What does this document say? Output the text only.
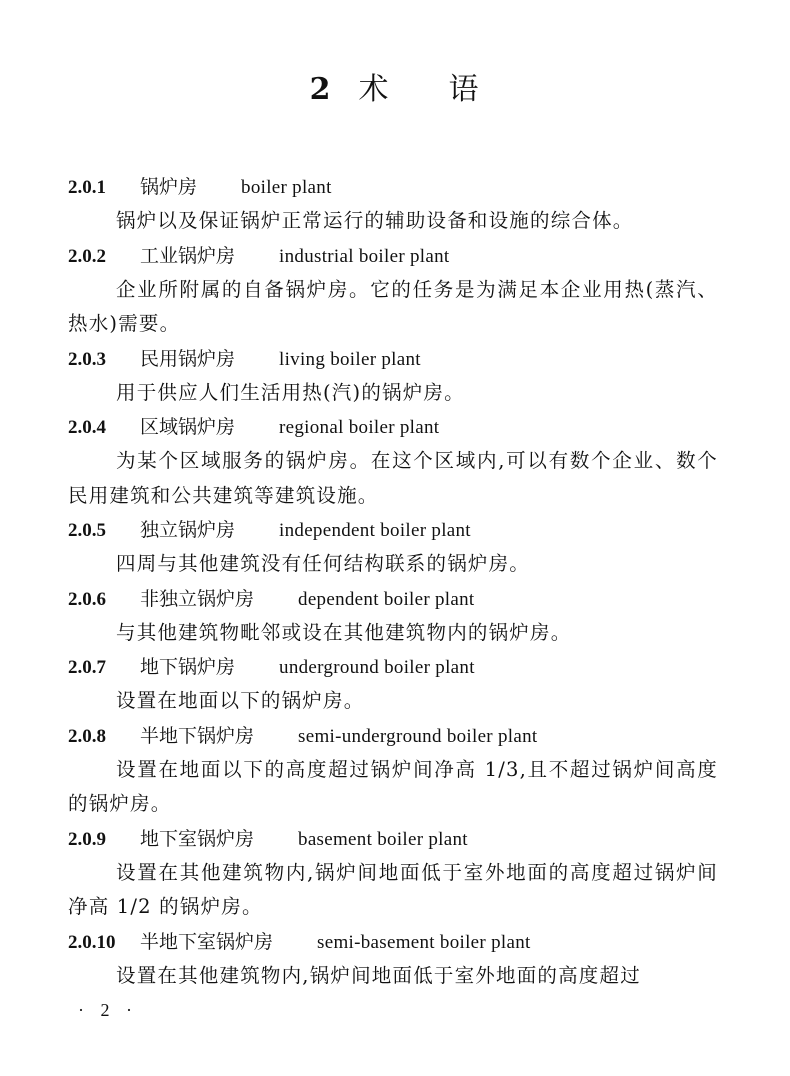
2 术 语
2.0.1 锅炉房 boiler plant

锅炉以及保证锅炉正常运行的辅助设备和设施的综合体。

2.0.2 工业锅炉房 industrial boiler plant

企业所附属的自备锅炉房。它的任务是为满足本企业用热(蒸汽、热水)需要。

2.0.3 民用锅炉房 living boiler plant

用于供应人们生活用热(汽)的锅炉房。

2.0.4 区域锅炉房 regional boiler plant

为某个区域服务的锅炉房。在这个区域内,可以有数个企业、数个民用建筑和公共建筑等建筑设施。

2.0.5 独立锅炉房 independent boiler plant

四周与其他建筑没有任何结构联系的锅炉房。

2.0.6 非独立锅炉房 dependent boiler plant

与其他建筑物毗邻或设在其他建筑物内的锅炉房。

2.0.7 地下锅炉房 underground boiler plant

设置在地面以下的锅炉房。

2.0.8 半地下锅炉房 semi-underground boiler plant

设置在地面以下的高度超过锅炉间净高 1/3,且不超过锅炉间高度的锅炉房。

2.0.9 地下室锅炉房 basement boiler plant

设置在其他建筑物内,锅炉间地面低于室外地面的高度超过锅炉间净高 1/2 的锅炉房。

2.0.10 半地下室锅炉房 semi-basement boiler plant

设置在其他建筑物内,锅炉间地面低于室外地面的高度超过

· 2 ·
